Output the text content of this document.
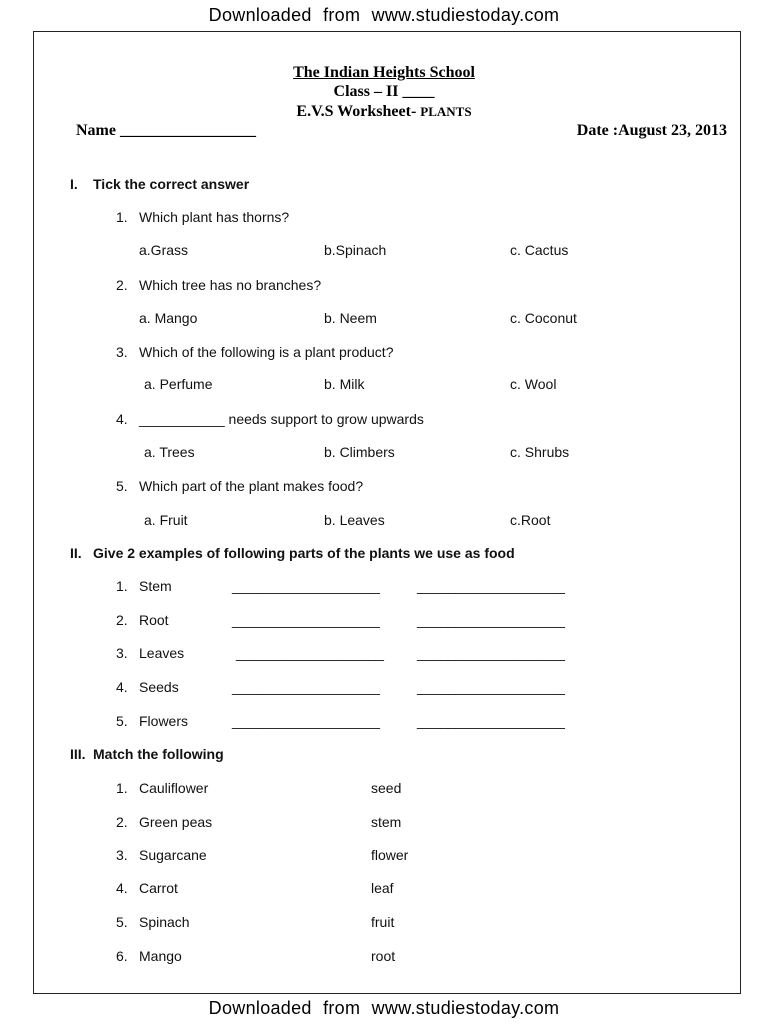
Downloaded from www.studiestoday.com
The Indian Heights School
Class – II ____
E.V.S Worksheet- PLANTS
Name _________________	Date :August 23, 2013
I. Tick the correct answer
1. Which plant has thorns?
a.Grass	b.Spinach	c. Cactus
2. Which tree has no branches?
a. Mango	b. Neem	c. Coconut
3. Which of the following is a plant product?
a. Perfume	b. Milk	c. Wool
4. ___________ needs support to grow upwards
a. Trees	b. Climbers	c. Shrubs
5. Which part of the plant makes food?
a. Fruit	b. Leaves	c.Root
II. Give 2 examples of following parts of the plants we use as food
1. Stem	___________________	___________________
2. Root	___________________	___________________
3. Leaves	___________________ ___________________
4. Seeds	___________________	___________________
5. Flowers	___________________	___________________
III. Match the following
1. Cauliflower	seed
2. Green peas	stem
3. Sugarcane	flower
4. Carrot	leaf
5. Spinach	fruit
6. Mango	root
Downloaded from www.studiestoday.com
